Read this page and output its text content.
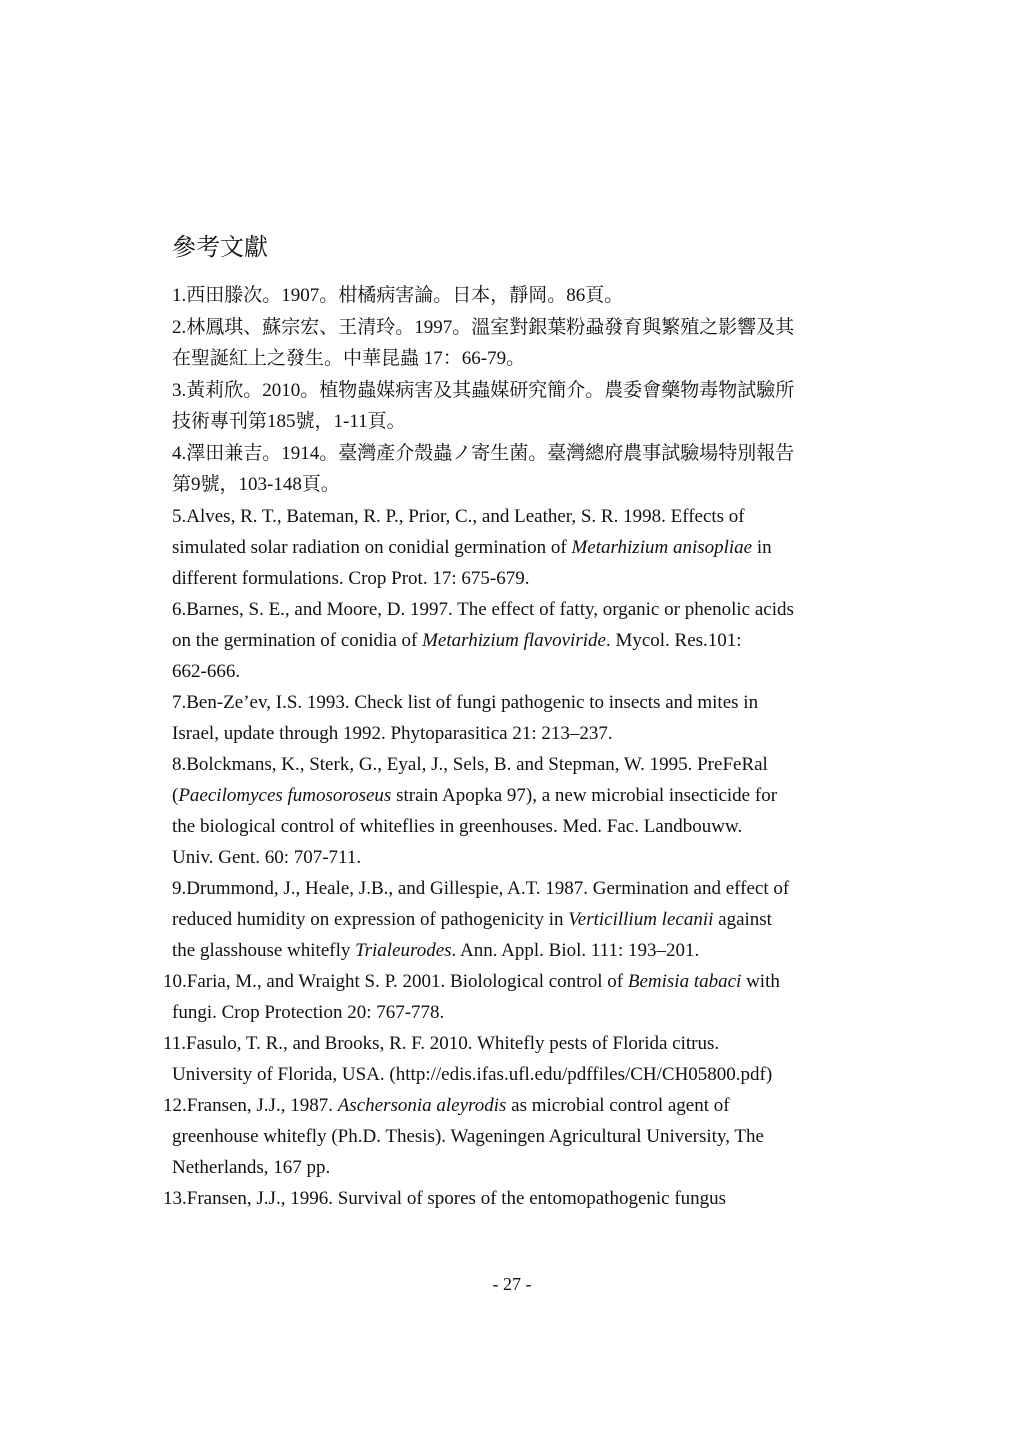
參考文獻
1.西田滕次。1907。柑橘病害論。日本，靜岡。86頁。
2.林鳳琪、蘇宗宏、王清玲。1997。溫室對銀葉粉蝨發育與繁殖之影響及其
在聖誕紅上之發生。中華昆蟲 17：66-79。
3.黃莉欣。2010。植物蟲媒病害及其蟲媒研究簡介。農委會藥物毒物試驗所
技術專刊第185號，1-11頁。
4.澤田兼吉。1914。臺灣產介殼蟲ノ寄生菌。臺灣總府農事試驗場特別報告
第9號，103-148頁。
5.Alves, R. T., Bateman, R. P., Prior, C., and Leather, S. R. 1998. Effects of
simulated solar radiation on conidial germination of Metarhizium anisopliae in
different formulations. Crop Prot. 17: 675-679.
6.Barnes, S. E., and Moore, D. 1997. The effect of fatty, organic or phenolic acids
on the germination of conidia of Metarhizium flavoviride. Mycol. Res.101:
662-666.
7.Ben-Ze’ev, I.S. 1993. Check list of fungi pathogenic to insects and mites in
Israel, update through 1992. Phytoparasitica 21: 213–237.
8.Bolckmans, K., Sterk, G., Eyal, J., Sels, B. and Stepman, W. 1995. PreFeRal
(Paecilomyces fumosoroseus strain Apopka 97), a new microbial insecticide for
the biological control of whiteflies in greenhouses. Med. Fac. Landbouww.
Univ. Gent. 60: 707-711.
9.Drummond, J., Heale, J.B., and Gillespie, A.T. 1987. Germination and effect of
reduced humidity on expression of pathogenicity in Verticillium lecanii against
the glasshouse whitefly Trialeurodes. Ann. Appl. Biol. 111: 193–201.
10.Faria, M., and Wraight S. P. 2001. Biolological control of Bemisia tabaci with
fungi. Crop Protection 20: 767-778.
11.Fasulo, T. R., and Brooks, R. F. 2010. Whitefly pests of Florida citrus.
University of Florida, USA. (http://edis.ifas.ufl.edu/pdffiles/CH/CH05800.pdf)
12.Fransen, J.J., 1987. Aschersonia aleyrodis as microbial control agent of
greenhouse whitefly (Ph.D. Thesis). Wageningen Agricultural University, The
Netherlands, 167 pp.
13.Fransen, J.J., 1996. Survival of spores of the entomopathogenic fungus
- 27 -
